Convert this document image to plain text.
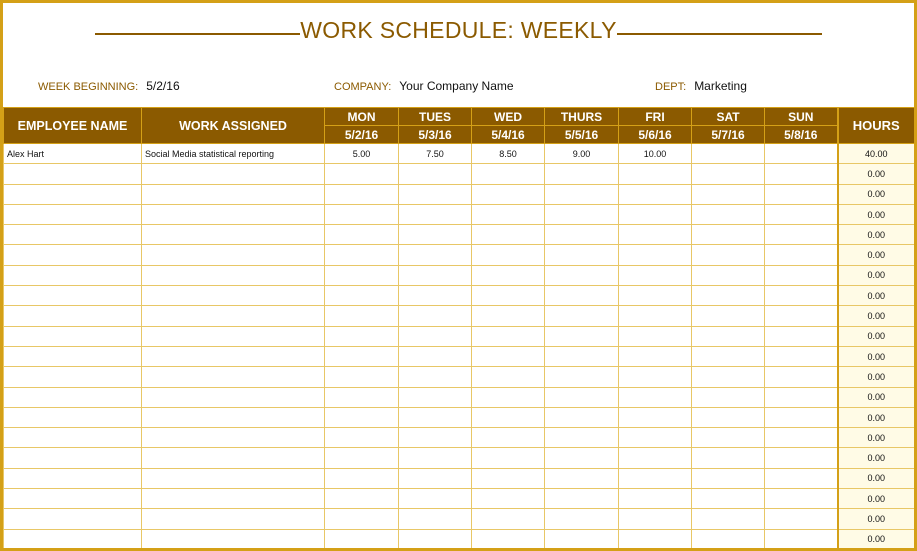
WORK SCHEDULE: WEEKLY
WEEK BEGINNING: 5/2/16	COMPANY: Your Company Name	DEPT: Marketing
EMPLOYEE NAME	WORK ASSIGNED	MON	TUES	WED	THURS	FRI	SAT	SUN	HOURS
		5/2/16	5/3/16	5/4/16	5/5/16	5/6/16	5/7/16	5/8/16	
Alex Hart	Social Media statistical reporting	5.00	7.50	8.50	9.00	10.00			40.00
									0.00
									0.00
									0.00
									0.00
									0.00
									0.00
									0.00
									0.00
									0.00
									0.00
									0.00
									0.00
									0.00
									0.00
									0.00
									0.00
									0.00
									0.00
									0.00
